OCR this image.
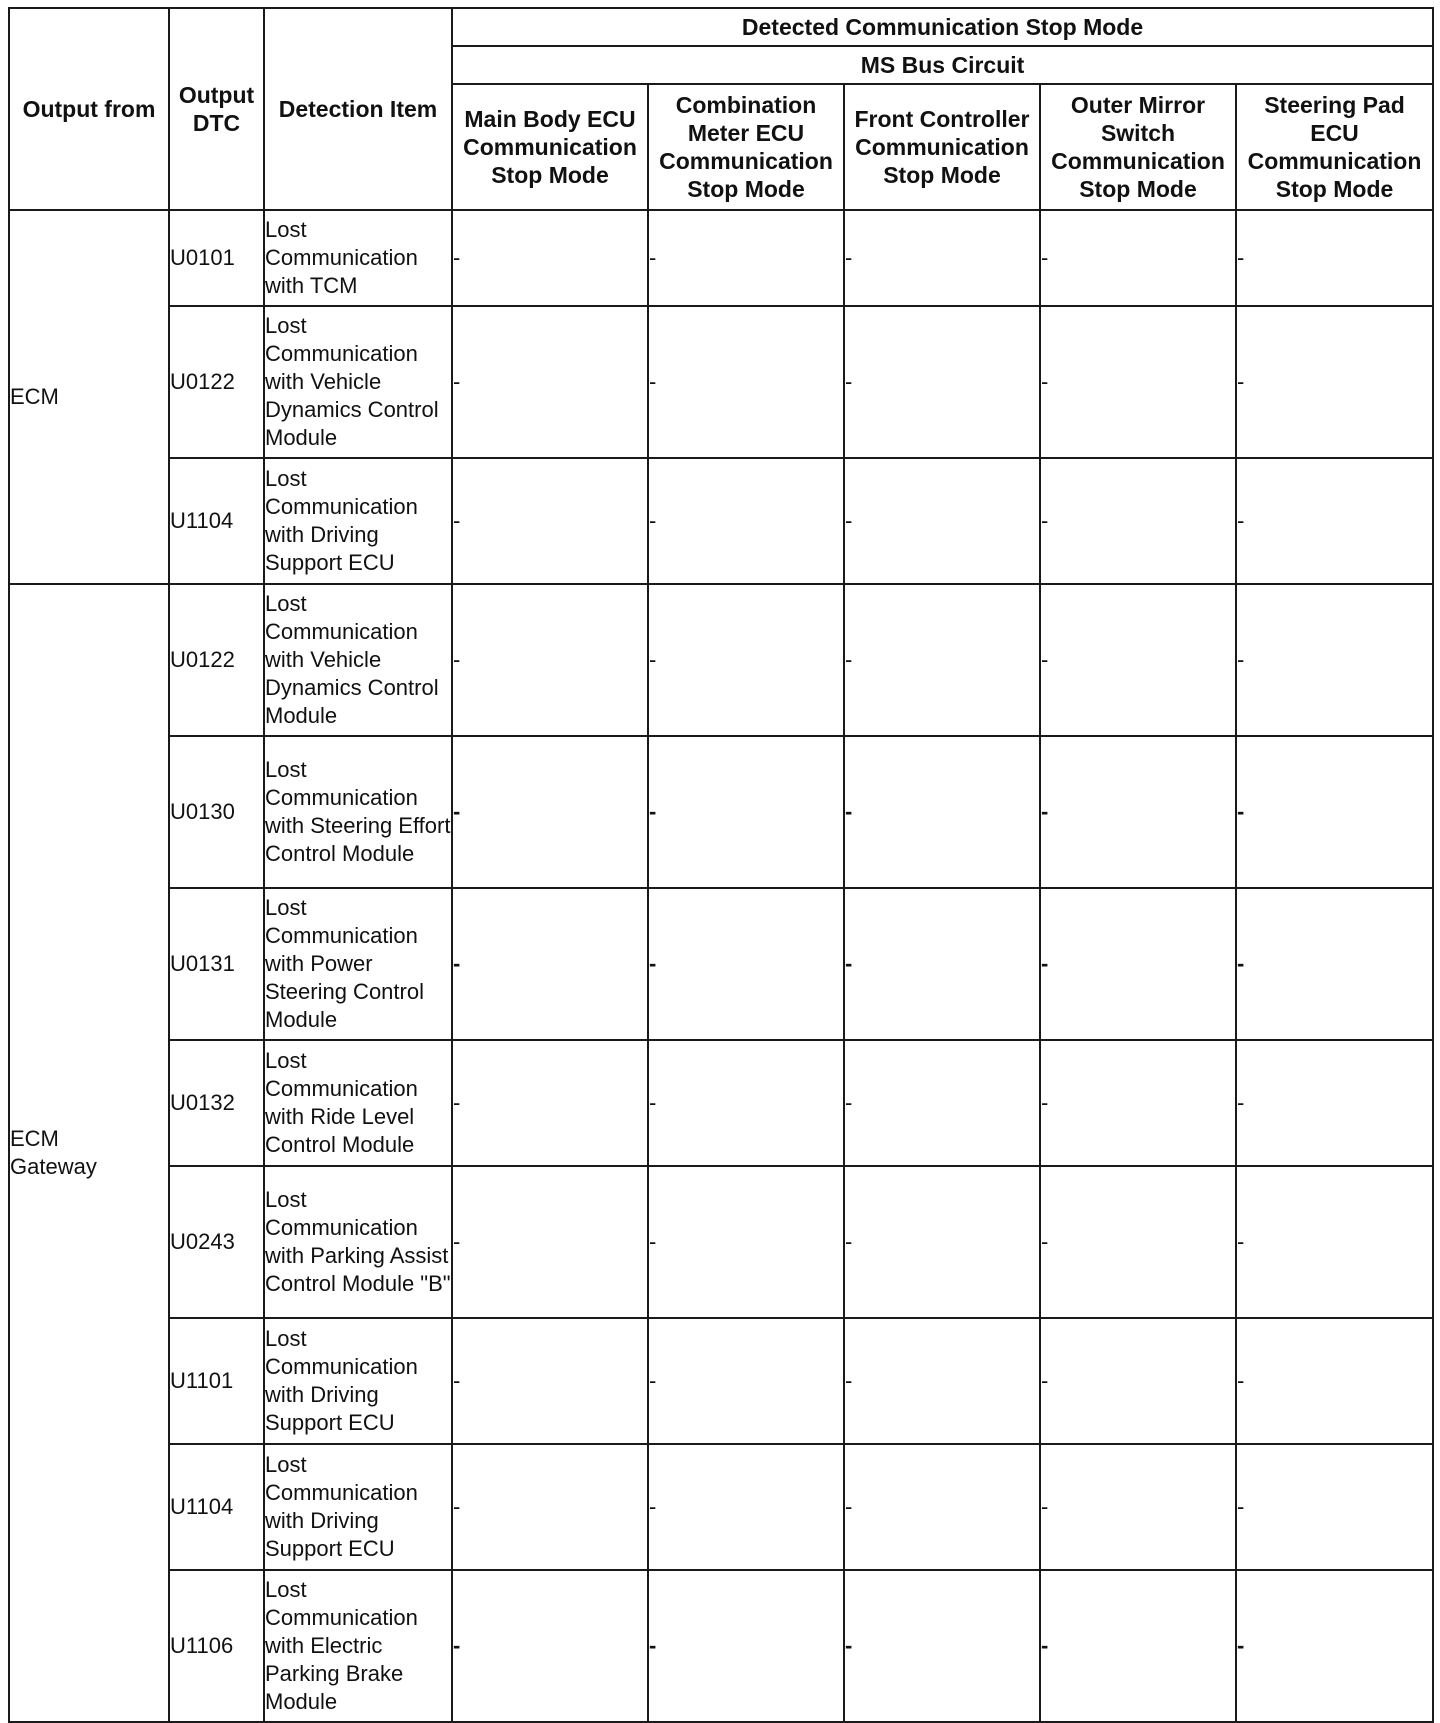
Output from	Output DTC	Detection Item	Detected Communication Stop Mode				
			MS Bus Circuit				
			Main Body ECU Communication Stop Mode	Combination Meter ECU Communication Stop Mode	Front Controller Communication Stop Mode	Outer Mirror Switch Communication Stop Mode	Steering Pad ECU Communication Stop Mode
ECM	U0101	Lost Communication with TCM	-	-	-	-	-
	U0122	Lost Communication with Vehicle Dynamics Control Module	-	-	-	-	-
	U1104	Lost Communication with Driving Support ECU	-	-	-	-	-
ECM Gateway	U0122	Lost Communication with Vehicle Dynamics Control Module	-	-	-	-	-
	U0130	Lost Communication with Steering Effort Control Module	-	-	-	-	-
	U0131	Lost Communication with Power Steering Control Module	-	-	-	-	-
	U0132	Lost Communication with Ride Level Control Module	-	-	-	-	-
	U0243	Lost Communication with Parking Assist Control Module "B"	-	-	-	-	-
	U1101	Lost Communication with Driving Support ECU	-	-	-	-	-
	U1104	Lost Communication with Driving Support ECU	-	-	-	-	-
	U1106	Lost Communication with Electric Parking Brake Module	-	-	-	-	-
